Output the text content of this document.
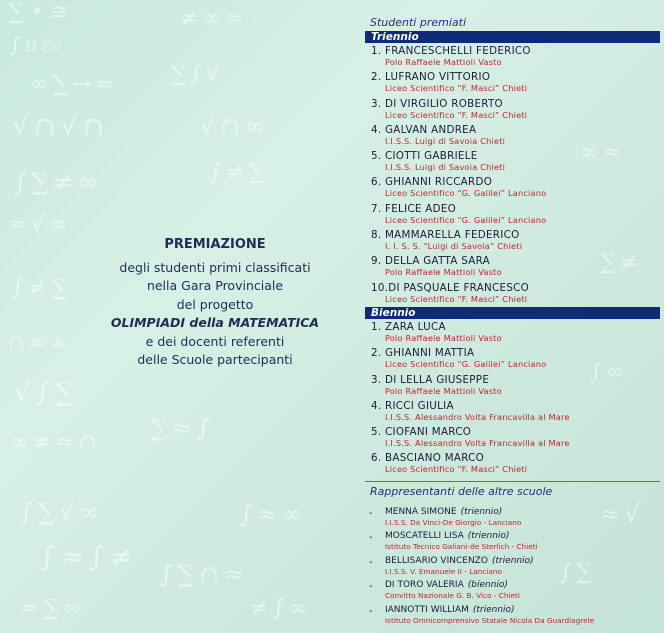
∑ • ≅
∫ π ε₀
∞ ∑ → ≈
√ ∩ √ ∩
∫ ∑ ≠ ∞
≈ √ ∞
∫ ≠ ∑
∩ ≈ ∞
√ ∫ ∑
∞ ≠ ≈ ∩
∑ ≈ ∫
∫ ∑ √ ∞
∫ ≈ ∫ ≠
≈ ∑ ∞
≠ ∞ ≈
∑ ∫ √
√ ∩ ∞
∫ ≠ ∑
∫ ≈ ∞
∫ ∑ ∩ ≈
≠ ∫ ∞
∞ ≈
∑ ≠
∫ ∞
≈ √
∫ ∑
PREMIAZIONE
degli studenti primi classificati
nella Gara Provinciale
del progetto
OLIMPIADI della MATEMATICA
e dei docenti referenti
delle Scuole partecipanti
Studenti premiati
Triennio
1. FRANCESCHELLI FEDERICO
Polo Raffaele Mattioli Vasto
2. LUFRANO VITTORIO
Liceo Scientifico “F. Masci” Chieti
3. DI VIRGILIO ROBERTO
Liceo Scientifico “F. Masci” Chieti
4. GALVAN ANDREA
I.I.S.S. Luigi di Savoia Chieti
5. CIOTTI GABRIELE
I.I.S.S. Luigi di Savoia Chieti
6. GHIANNI RICCARDO
Liceo Scientifico “G. Galilei” Lanciano
7. FELICE ADEO
Liceo Scientifico “G. Galilei” Lanciano
8. MAMMARELLA FEDERICO
I. I. S. S. “Luigi di Savoia” Chieti
9. DELLA GATTA SARA
Polo Raffaele Mattioli Vasto
10.DI PASQUALE FRANCESCO
Liceo Scientifico “F. Masci” Chieti
Biennio
1. ZARA LUCA
Polo Raffaele Mattioli Vasto
2. GHIANNI MATTIA
Liceo Scientifico “G. Galilei” Lanciano
3. DI LELLA GIUSEPPE
Polo Raffaele Mattioli Vasto
4. RICCI GIULIA
I.I.S.S. Alessandro Volta Francavilla al Mare
5. CIOFANI MARCO
I.I.S.S. Alessandro Volta Francavilla al Mare
6. BASCIANO MARCO
Liceo Scientifico “F. Masci” Chieti
Rappresentanti delle altre scuole
- MENNA SIMONE (triennio)
I.I.S.S. Da Vinci-De Giorgio - Lanciano
- MOSCATELLI LISA (triennio)
Istituto Tecnico Galiani-de Sterlich - Chieti
- BELLISARIO VINCENZO (triennio)
I.I.S.S. V. Emanuele II - Lanciano
- DI TORO VALERIA (biennio)
Convitto Nazionale G. B. Vico - Chieti
- IANNOTTI WILLIAM (triennio)
Istituto Omnicomprensivo Statale Nicola Da Guardiagrele
